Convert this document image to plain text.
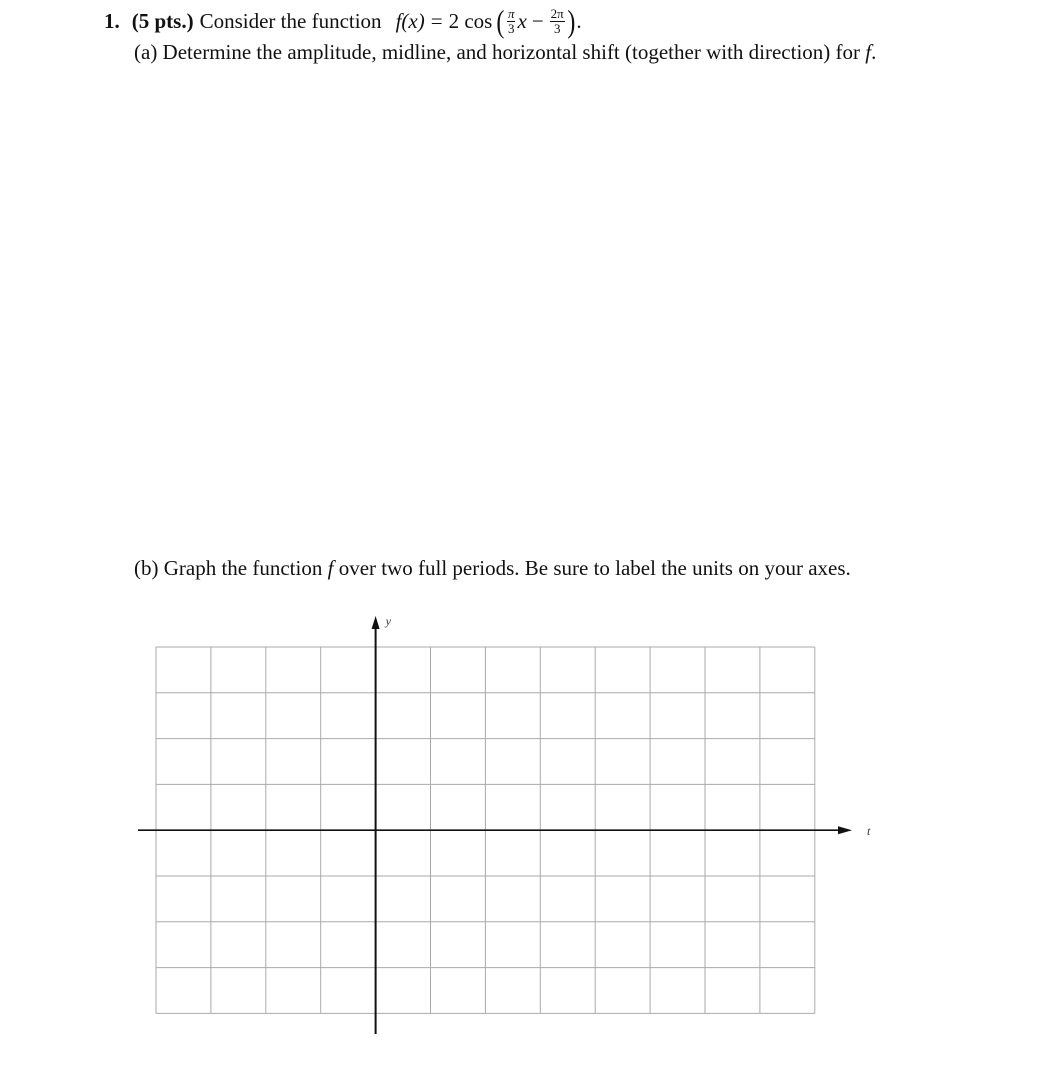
1. (5 pts.) Consider the function f(x) = 2 cos ( $\frac{\pi}{3}$ $x - \frac{2\pi}{3}$ ) .
(a) Determine the amplitude, midline, and horizontal shift (together with direction) for f.
(b) Graph the function f over two full periods. Be sure to label the units on your axes.
y
t
